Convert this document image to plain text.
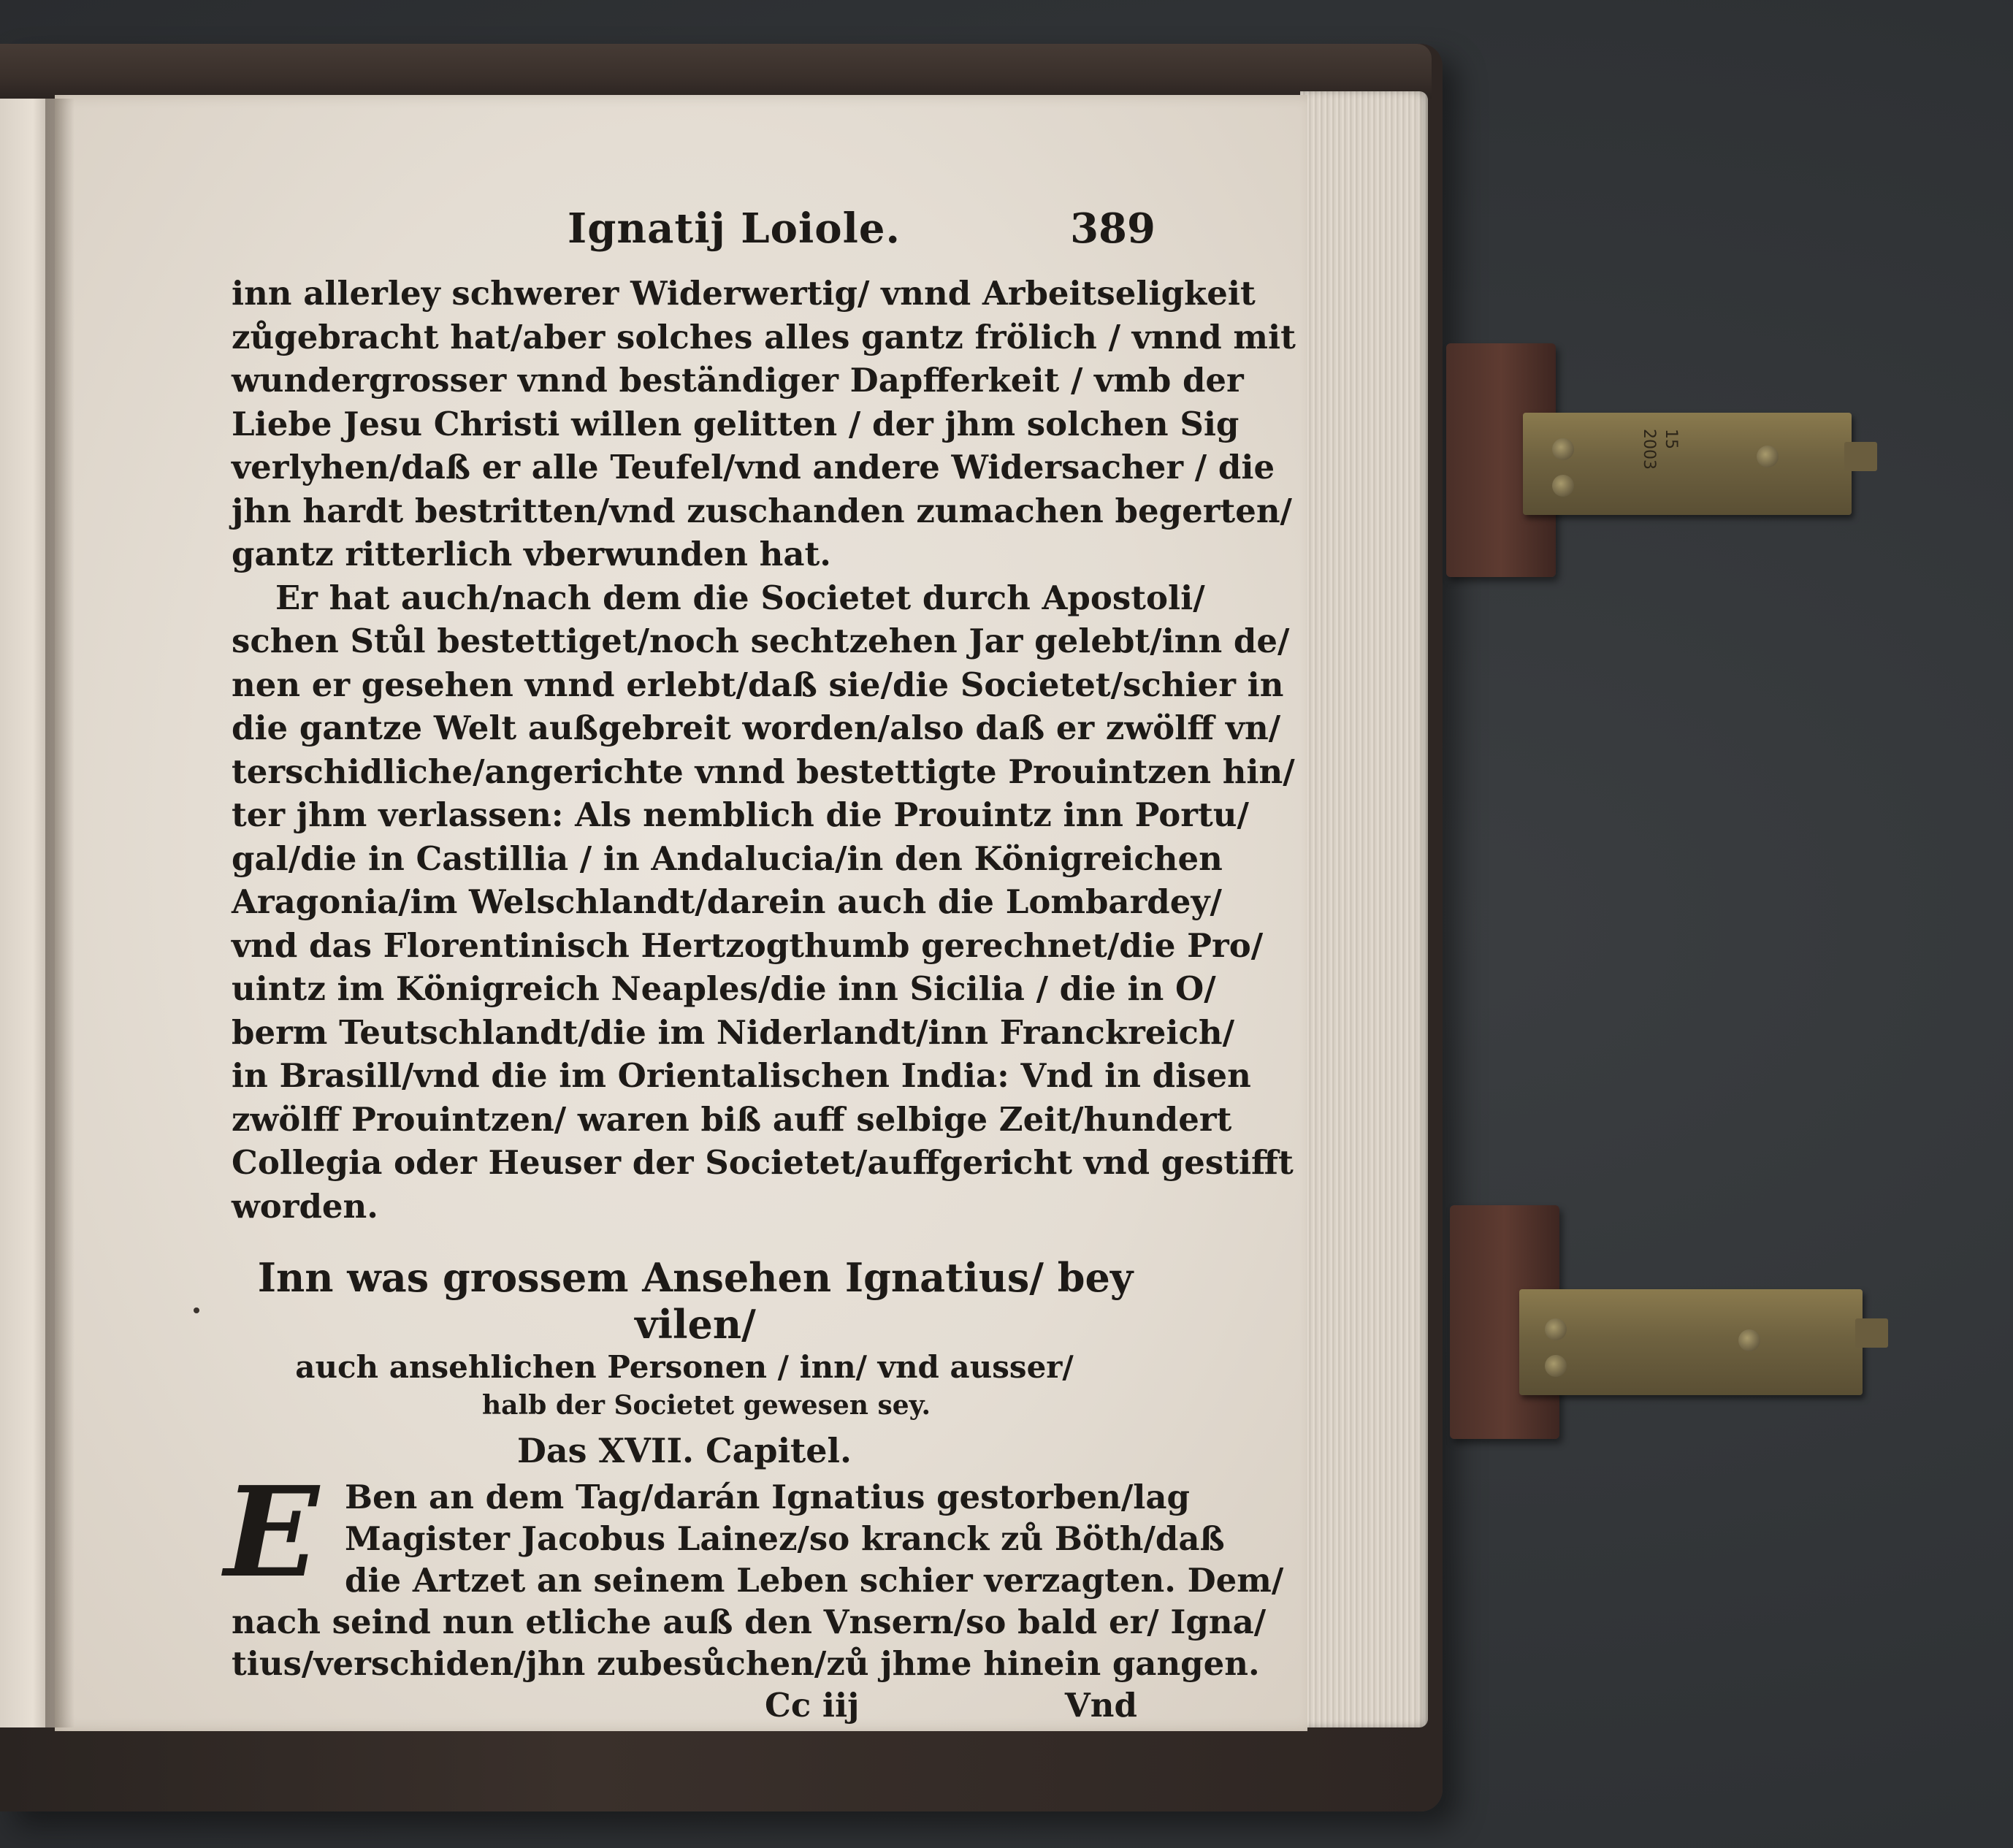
Ignatij Loiole.	389

inn allerley schwerer Widerwertig/ vnnd Arbeitseligkeit

zůgebracht hat/aber solches alles gantz frölich / vnnd mit

wundergrosser vnnd beständiger Dapfferkeit / vmb der

Liebe Jesu Christi willen gelitten / der jhm solchen Sig

verlyhen/daß er alle Teufel/vnd andere Widersacher / die

jhn hardt bestritten/vnd zuschanden zumachen begerten/

gantz ritterlich vberwunden hat.

Er hat auch/nach dem die Societet durch Apostoli/

schen Stůl bestettiget/noch sechtzehen Jar gelebt/inn de/

nen er gesehen vnnd erlebt/daß sie/die Societet/schier in

die gantze Welt außgebreit worden/also daß er zwölff vn/

terschidliche/angerichte vnnd bestettigte Prouintzen hin/

ter jhm verlassen: Als nemblich die Prouintz inn Portu/

gal/die in Castillia / in Andalucia/in den Königreichen

Aragonia/im Welschlandt/darein auch die Lombardey/

vnd das Florentinisch Hertzogthumb gerechnet/die Pro/

uintz im Königreich Neaples/die inn Sicilia / die in O/

berm Teutschlandt/die im Niderlandt/inn Franckreich/

in Brasill/vnd die im Orientalischen India: Vnd in disen

zwölff Prouintzen/ waren biß auff selbige Zeit/hundert

Collegia oder Heuser der Societet/auffgericht vnd gestifft

worden.

Inn was grossem Ansehen Ignatius/ bey vilen/
auch ansehlichen Personen / inn/ vnd ausser/
halb der Societet gewesen sey.
Das XVII. Capitel.
E Ben an dem Tag/darán Ignatius gestorben/lag

Magister Jacobus Lainez/so kranck zů Böth/daß

die Artzet an seinem Leben schier verzagten. Dem/

nach seind nun etliche auß den Vnsern/so bald er/ Igna/

tius/verschiden/jhn zubesůchen/zů jhme hinein gangen.

Cc iij	Vnd
15
2003
